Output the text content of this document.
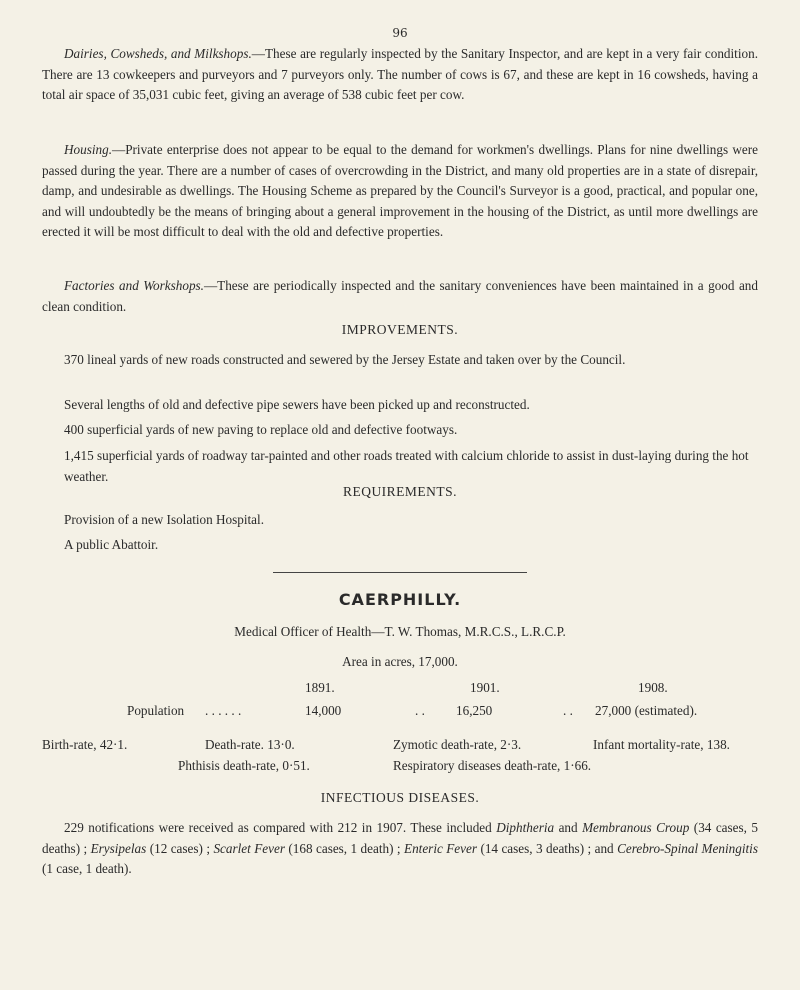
96

Dairies, Cowsheds, and Milkshops.—These are regularly inspected by the Sanitary Inspector, and are kept in a very fair condition. There are 13 cowkeepers and purveyors and 7 purveyors only. The number of cows is 67, and these are kept in 16 cowsheds, having a total air space of 35,031 cubic feet, giving an average of 538 cubic feet per cow.

Housing.—Private enterprise does not appear to be equal to the demand for workmen's dwellings. Plans for nine dwellings were passed during the year. There are a number of cases of overcrowding in the District, and many old properties are in a state of disrepair, damp, and undesirable as dwellings. The Housing Scheme as prepared by the Council's Surveyor is a good, practical, and popular one, and will undoubtedly be the means of bringing about a general improvement in the housing of the District, as until more dwellings are erected it will be most difficult to deal with the old and defective properties.

Factories and Workshops.—These are periodically inspected and the sanitary conveniences have been maintained in a good and clean condition.

IMPROVEMENTS.

370 lineal yards of new roads constructed and sewered by the Jersey Estate and taken over by the Council.

Several lengths of old and defective pipe sewers have been picked up and reconstructed.

400 superficial yards of new paving to replace old and defective footways.

1,415 superficial yards of roadway tar-painted and other roads treated with calcium chloride to assist in dust-laying during the hot weather.

REQUIREMENTS.

Provision of a new Isolation Hospital.

A public Abattoir.

CAERPHILLY.
Medical Officer of Health—T. W. Thomas, M.R.C.S., L.R.C.P.
Area in acres, 17,000.
1891.	1901.	1908.
Population . . . . . .	14,000	. . 16,250	. . 27,000 (estimated).
Birth-rate, 42·1.	Death-rate. 13·0.	Zymotic death-rate, 2·3.	Infant mortality-rate, 138.
Phthisis death-rate, 0·51.	Respiratory diseases death-rate, 1·66.
INFECTIOUS DISEASES.

229 notifications were received as compared with 212 in 1907. These included Diphtheria and Membranous Croup (34 cases, 5 deaths) ; Erysipelas (12 cases) ; Scarlet Fever (168 cases, 1 death) ; Enteric Fever (14 cases, 3 deaths) ; and Cerebro-Spinal Meningitis (1 case, 1 death).
